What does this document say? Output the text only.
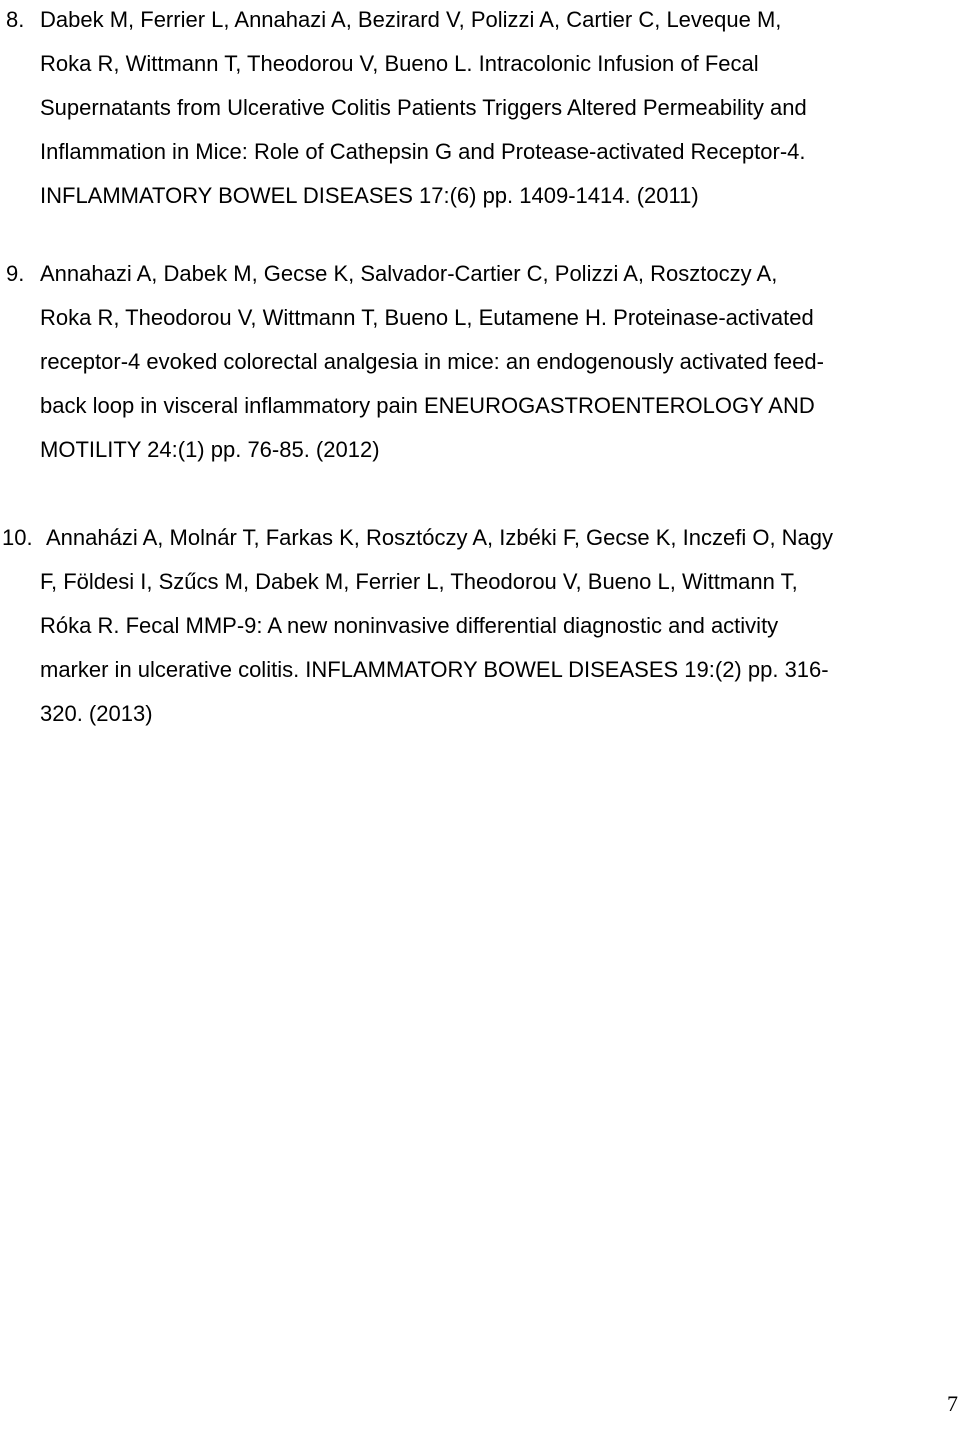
8. Dabek M, Ferrier L, Annahazi A, Bezirard V, Polizzi A, Cartier C, Leveque M,
Roka R, Wittmann T, Theodorou V, Bueno L. Intracolonic Infusion of Fecal
Supernatants from Ulcerative Colitis Patients Triggers Altered Permeability and
Inflammation in Mice: Role of Cathepsin G and Protease-activated Receptor-4.
INFLAMMATORY BOWEL DISEASES 17:(6) pp. 1409-1414. (2011)
9. Annahazi A, Dabek M, Gecse K, Salvador-Cartier C, Polizzi A, Rosztoczy A,
Roka R, Theodorou V, Wittmann T, Bueno L, Eutamene H. Proteinase-activated
receptor-4 evoked colorectal analgesia in mice: an endogenously activated feed-
back loop in visceral inflammatory pain ENEUROGASTROENTEROLOGY AND
MOTILITY 24:(1) pp. 76-85. (2012)
10. Annaházi A, Molnár T, Farkas K, Rosztóczy A, Izbéki F, Gecse K, Inczefi O, Nagy
F, Földesi I, Szűcs M, Dabek M, Ferrier L, Theodorou V, Bueno L, Wittmann T,
Róka R. Fecal MMP-9: A new noninvasive differential diagnostic and activity
marker in ulcerative colitis. INFLAMMATORY BOWEL DISEASES 19:(2) pp. 316-
320. (2013)
7
